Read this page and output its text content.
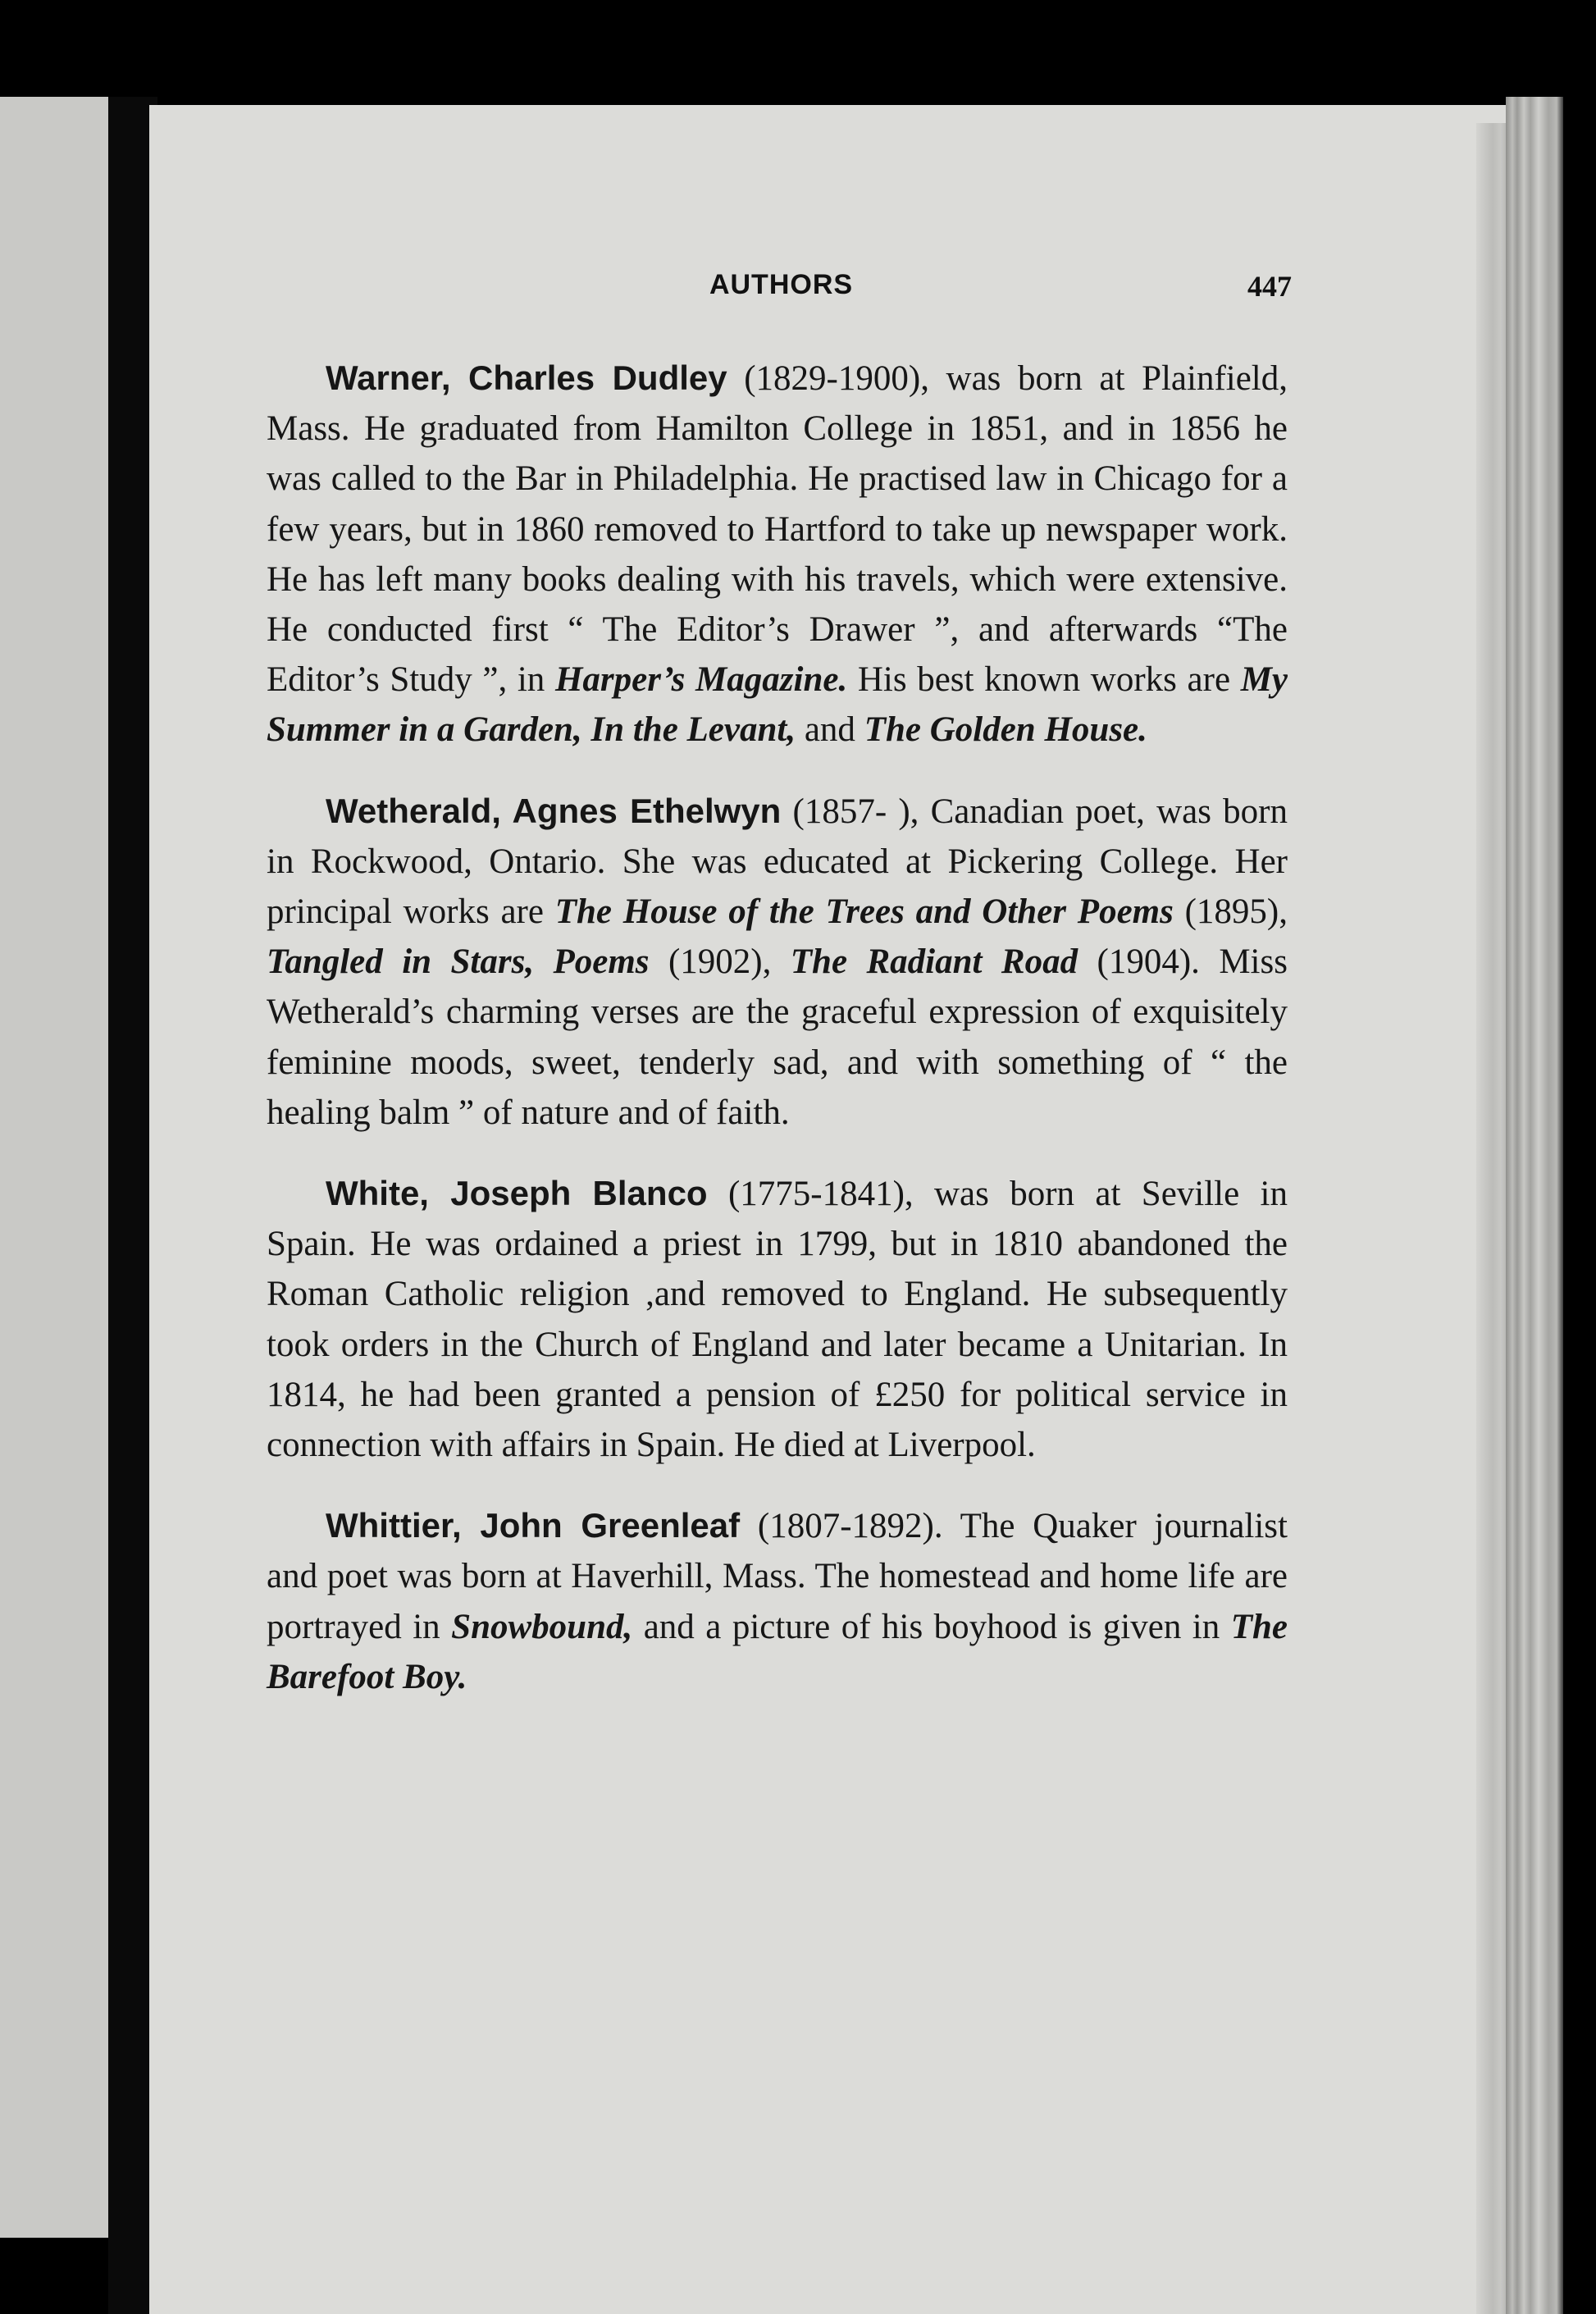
AUTHORS	447

Warner, Charles Dudley (1829-1900), was born at Plainfield, Mass. He graduated from Hamilton College in 1851, and in 1856 he was called to the Bar in Philadelphia. He practised law in Chicago for a few years, but in 1860 removed to Hartford to take up newspaper work. He has left many books dealing with his travels, which were extensive. He conducted first “ The Editor’s Drawer ”, and afterwards “The Editor’s Study ”, in Harper’s Magazine. His best known works are My Summer in a Garden, In the Levant, and The Golden House.

Wetherald, Agnes Ethelwyn (1857- ), Canadian poet, was born in Rockwood, Ontario. She was educated at Pickering College. Her principal works are The House of the Trees and Other Poems (1895), Tangled in Stars, Poems (1902), The Radiant Road (1904). Miss Wetherald’s charming verses are the graceful expression of exquisitely feminine moods, sweet, tenderly sad, and with something of “ the healing balm ” of nature and of faith.

White, Joseph Blanco (1775-1841), was born at Seville in Spain. He was ordained a priest in 1799, but in 1810 abandoned the Roman Catholic religion ,and removed to England. He subsequently took orders in the Church of England and later became a Unitarian. In 1814, he had been granted a pension of £250 for political service in connection with affairs in Spain. He died at Liverpool.

Whittier, John Greenleaf (1807-1892). The Quaker journalist and poet was born at Haverhill, Mass. The homestead and home life are portrayed in Snowbound, and a picture of his boyhood is given in The Barefoot Boy.
